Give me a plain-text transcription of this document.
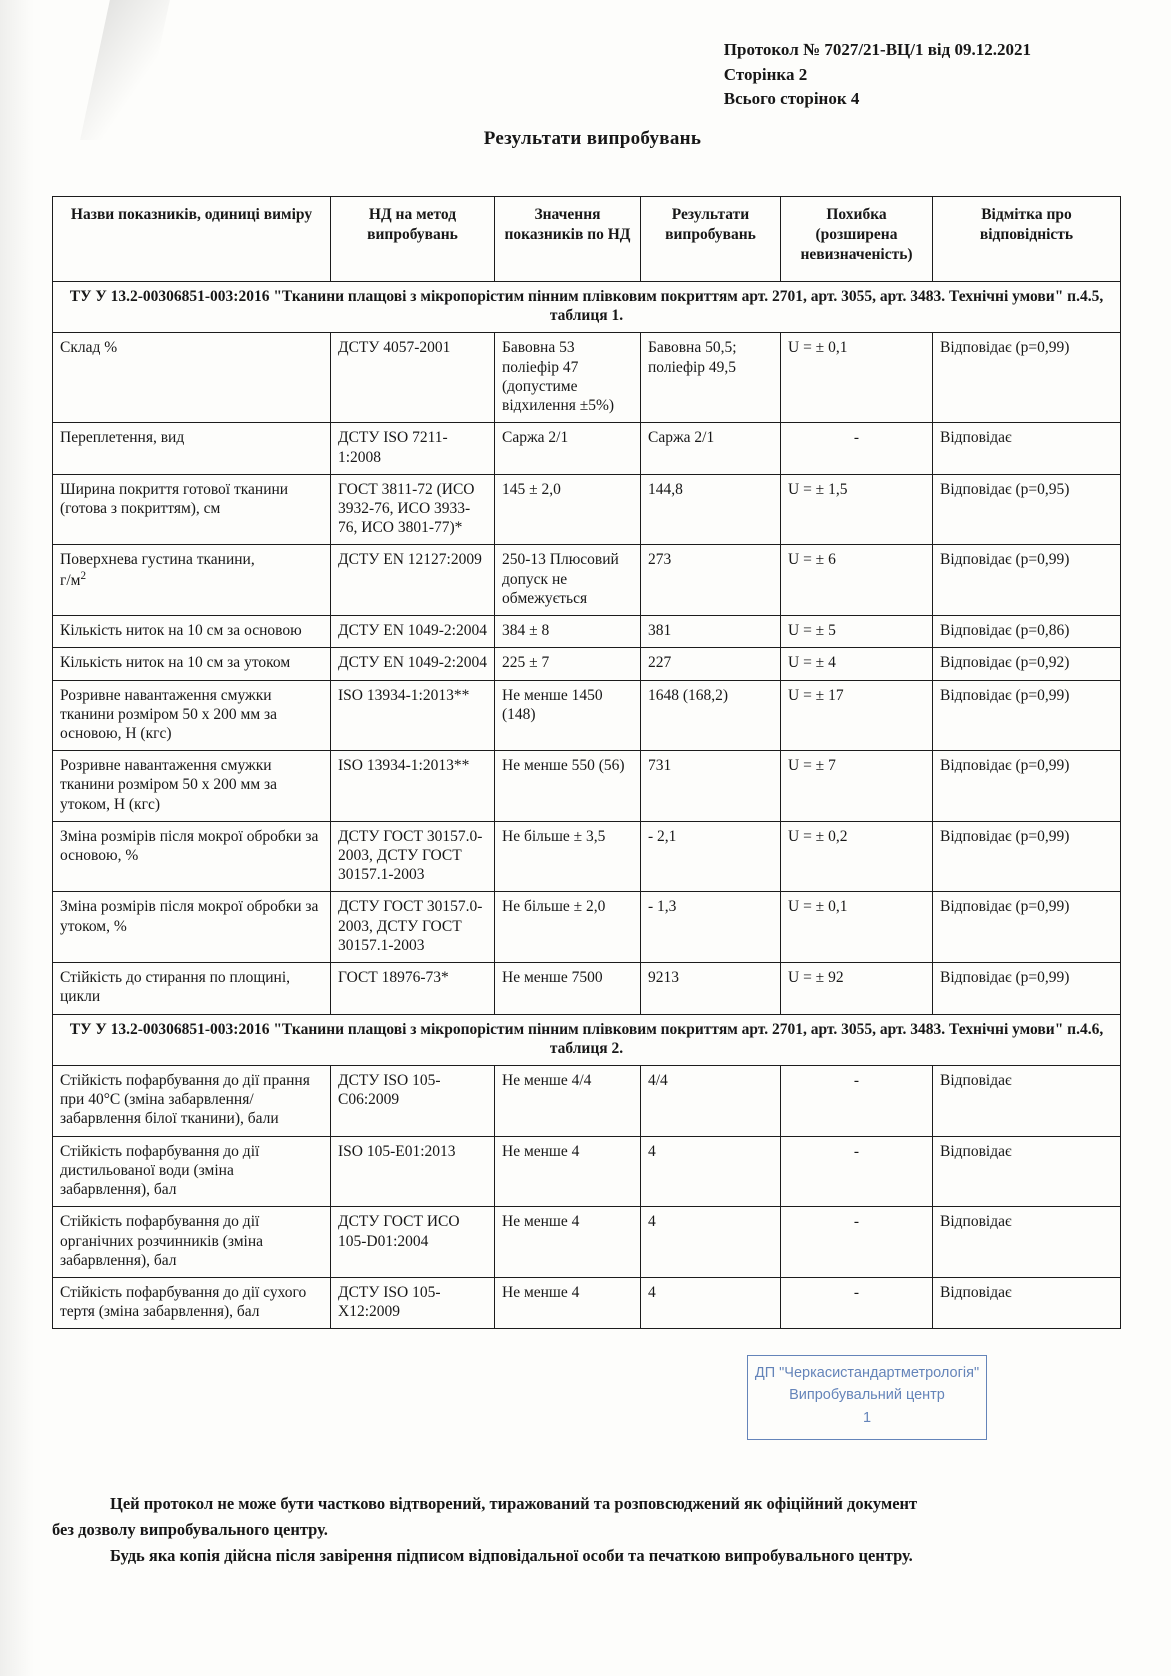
Протокол № 7027/21-ВЦ/1 від 09.12.2021
Сторінка 2
Всього сторінок 4
Результати випробувань
Назви показників, одиниці виміру	НД на метод випробувань	Значення показників по НД	Результати випробувань	Похибка (розширена невизначеність)	Відмітка про відповідність
ТУ У 13.2-00306851-003:2016 "Тканини плащові з мікропорістим пінним плівковим покриттям арт. 2701, арт. 3055, арт. 3483. Технічні умови" п.4.5, таблиця 1.					
Склад %	ДСТУ 4057-2001	Бавовна 53 поліефір 47 (допустиме відхилення ±5%)	Бавовна 50,5; поліефір 49,5	U = ± 0,1	Відповідає (р=0,99)
Переплетення, вид	ДСТУ ISO 7211-1:2008	Саржа 2/1	Саржа 2/1	-	Відповідає
Ширина покриття готової тканини (готова з покриттям), см	ГОСТ 3811-72 (ИСО 3932-76, ИСО 3933-76, ИСО 3801-77)*	145 ± 2,0	144,8	U = ± 1,5	Відповідає (р=0,95)
Поверхнева густина тканини,
$г/м^2$	ДСТУ EN 12127:2009	250-13 Плюсовий допуск не обмежується	273	U = ± 6	Відповідає (р=0,99)
Кількість ниток на 10 см за основою	ДСТУ EN 1049-2:2004	384 ± 8	381	U = ± 5	Відповідає (р=0,86)
Кількість ниток на 10 см за утоком	ДСТУ EN 1049-2:2004	225 ± 7	227	U = ± 4	Відповідає (р=0,92)
Розривне навантаження смужки тканини розміром 50 х 200 мм за основою, Н (кгс)	ISO 13934-1:2013**	Не менше 1450 (148)	1648 (168,2)	U = ± 17	Відповідає (р=0,99)
Розривне навантаження смужки тканини розміром 50 х 200 мм за утоком, Н (кгс)	ISO 13934-1:2013**	Не менше 550 (56)	731	U = ± 7	Відповідає (р=0,99)
Зміна розмірів після мокрої обробки за основою, %	ДСТУ ГОСТ 30157.0-2003, ДСТУ ГОСТ 30157.1-2003	Не більше ± 3,5	- 2,1	U = ± 0,2	Відповідає (р=0,99)
Зміна розмірів після мокрої обробки за утоком, %	ДСТУ ГОСТ 30157.0-2003, ДСТУ ГОСТ 30157.1-2003	Не більше ± 2,0	- 1,3	U = ± 0,1	Відповідає (р=0,99)
Стійкість до стирання по площині, цикли	ГОСТ 18976-73*	Не менше 7500	9213	U = ± 92	Відповідає (р=0,99)
ТУ У 13.2-00306851-003:2016 "Тканини плащові з мікропорістим пінним плівковим покриттям арт. 2701, арт. 3055, арт. 3483. Технічні умови" п.4.6, таблиця 2.					
Стійкість пофарбування до дії прання при 40°С (зміна забарвлення/ забарвлення білої тканини), бали	ДСТУ ISO 105-С06:2009	Не менше 4/4	4/4	-	Відповідає
Стійкість пофарбування до дії дистильованої води (зміна забарвлення), бал	ISO 105-Е01:2013	Не менше 4	4	-	Відповідає
Стійкість пофарбування до дії органічних розчинників (зміна забарвлення), бал	ДСТУ ГОСТ ИСО 105-D01:2004	Не менше 4	4	-	Відповідає
Стійкість пофарбування до дії сухого тертя (зміна забарвлення), бал	ДСТУ ISO 105-Х12:2009	Не менше 4	4	-	Відповідає
ДП "Черкасистандартметрологія"
Випробувальний центр
1

Цей протокол не може бути частково відтворений, тиражований та розповсюджений як офіційний документ

без дозволу випробувального центру.

Будь яка копія дійсна після завірення підписом відповідальної особи та печаткою випробувального центру.
